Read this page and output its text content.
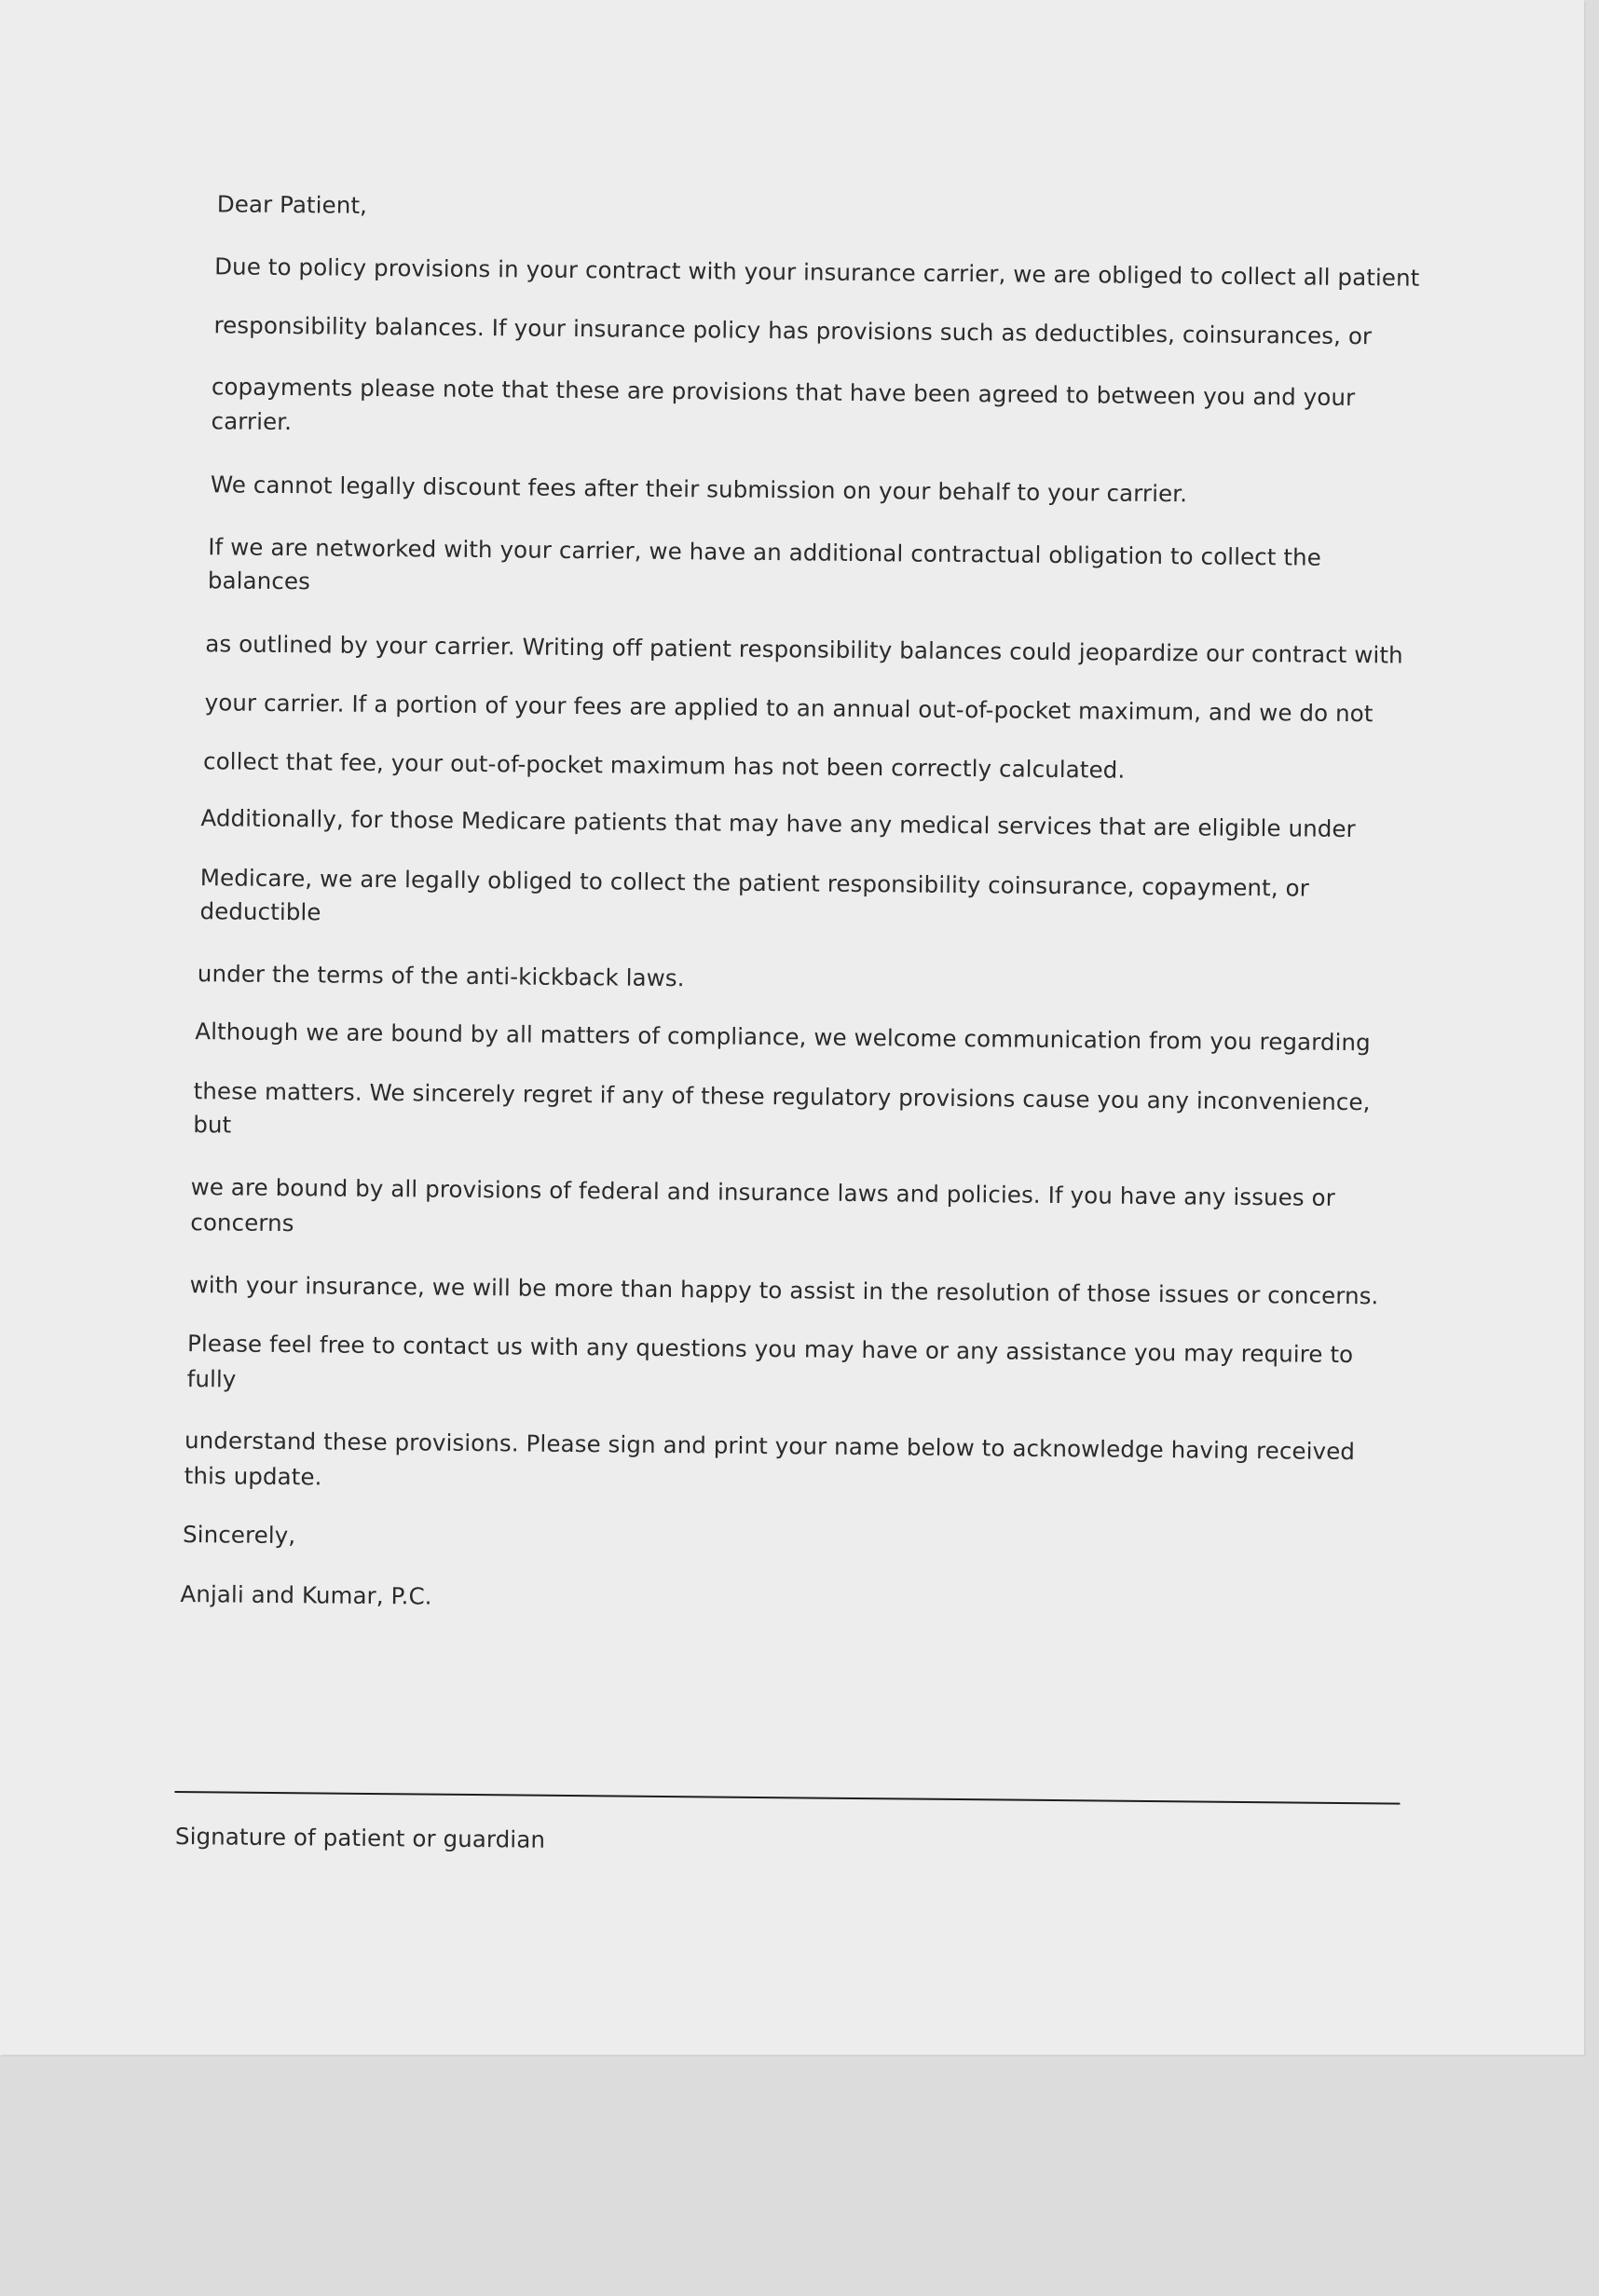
Dear Patient,
Due to policy provisions in your contract with your insurance carrier, we are obliged to collect all patient
responsibility balances. If your insurance policy has provisions such as deductibles, coinsurances, or
copayments please note that these are provisions that have been agreed to between you and your
carrier.
We cannot legally discount fees after their submission on your behalf to your carrier.
If we are networked with your carrier, we have an additional contractual obligation to collect the
balances
as outlined by your carrier. Writing off patient responsibility balances could jeopardize our contract with
your carrier. If a portion of your fees are applied to an annual out-of-pocket maximum, and we do not
collect that fee, your out-of-pocket maximum has not been correctly calculated.
Additionally, for those Medicare patients that may have any medical services that are eligible under
Medicare, we are legally obliged to collect the patient responsibility coinsurance, copayment, or
deductible
under the terms of the anti-kickback laws.
Although we are bound by all matters of compliance, we welcome communication from you regarding
these matters. We sincerely regret if any of these regulatory provisions cause you any inconvenience,
but
we are bound by all provisions of federal and insurance laws and policies. If you have any issues or
concerns
with your insurance, we will be more than happy to assist in the resolution of those issues or concerns.
Please feel free to contact us with any questions you may have or any assistance you may require to
fully
understand these provisions. Please sign and print your name below to acknowledge having received
this update.
Sincerely,
Anjali and Kumar, P.C.
Signature of patient or guardian
